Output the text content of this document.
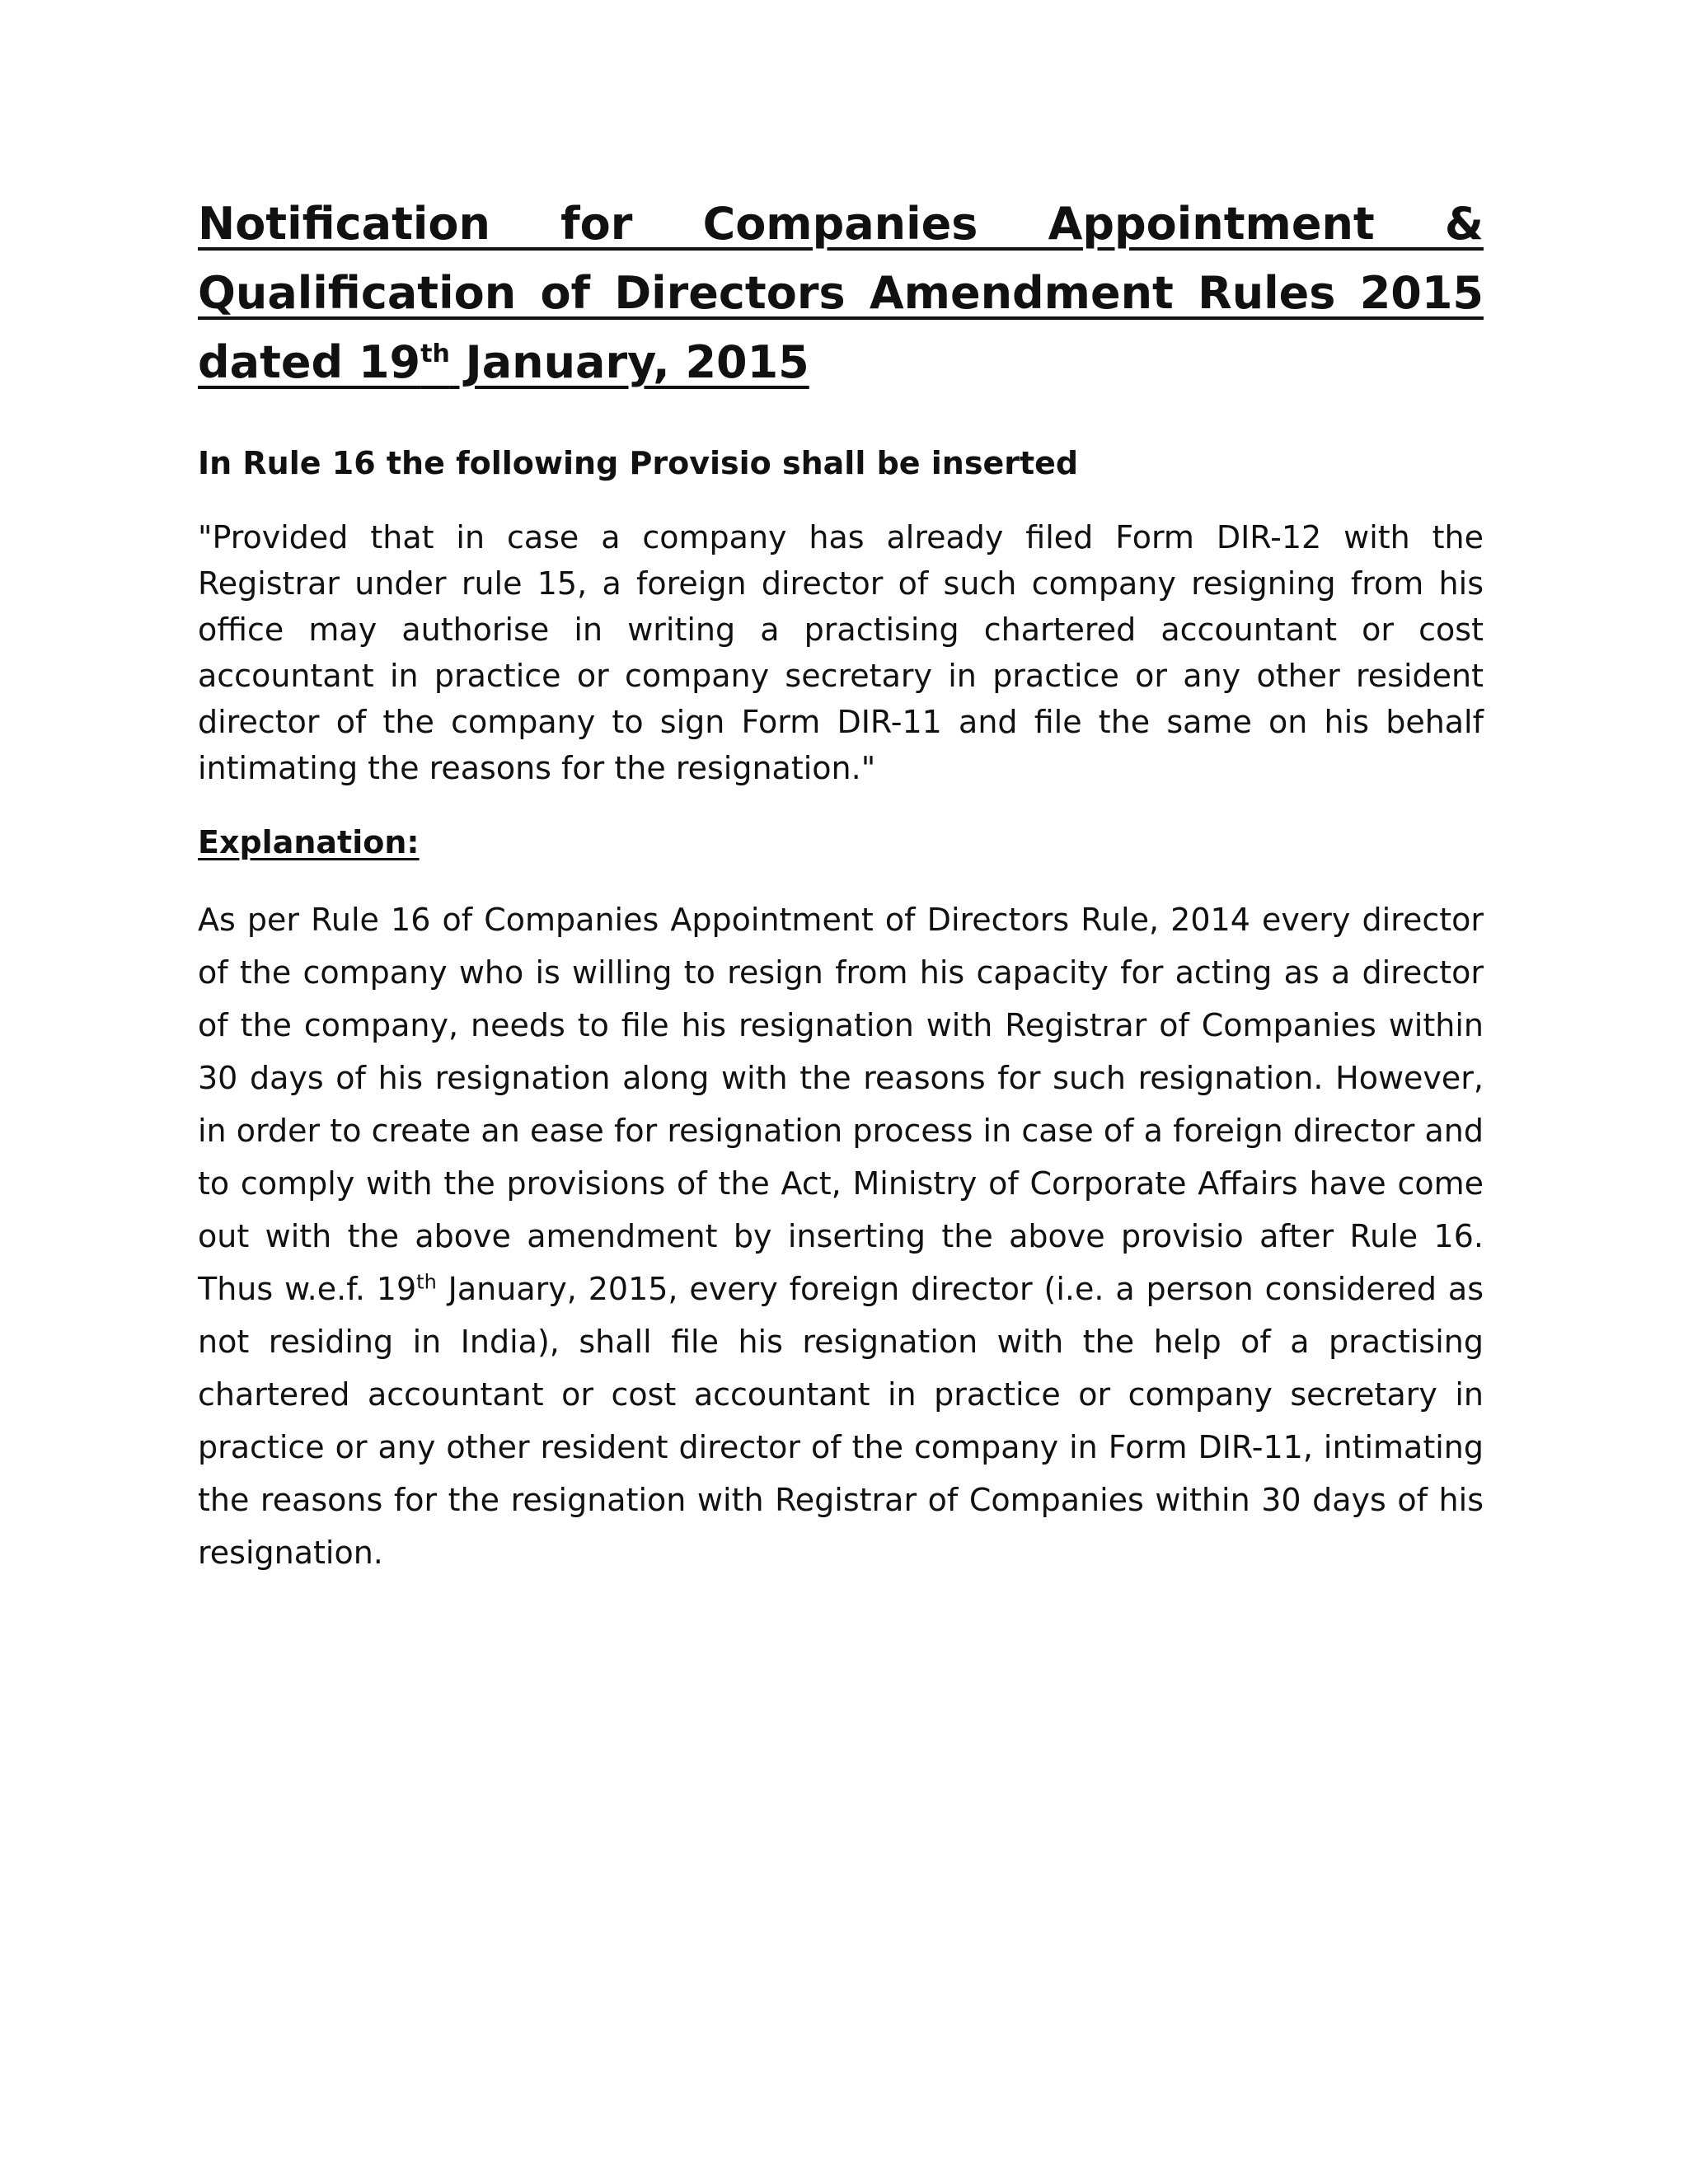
Notification for Companies Appointment & Qualification of Directors Amendment Rules 2015 dated 19th January, 2015

In Rule 16 the following Provisio shall be inserted

"Provided that in case a company has already filed Form DIR-12 with the Registrar under rule 15, a foreign director of such company resigning from his office may authorise in writing a practising chartered accountant or cost accountant in practice or company secretary in practice or any other resident director of the company to sign Form DIR-11 and file the same on his behalf intimating the reasons for the resignation."

Explanation:

As per Rule 16 of Companies Appointment of Directors Rule, 2014 every director of the company who is willing to resign from his capacity for acting as a director of the company, needs to file his resignation with Registrar of Companies within 30 days of his resignation along with the reasons for such resignation. However, in order to create an ease for resignation process in case of a foreign director and to comply with the provisions of the Act, Ministry of Corporate Affairs have come out with the above amendment by inserting the above provisio after Rule 16. Thus w.e.f. 19th January, 2015, every foreign director (i.e. a person considered as not residing in India), shall file his resignation with the help of a practising chartered accountant or cost accountant in practice or company secretary in practice or any other resident director of the company in Form DIR-11, intimating the reasons for the resignation with Registrar of Companies within 30 days of his resignation.
